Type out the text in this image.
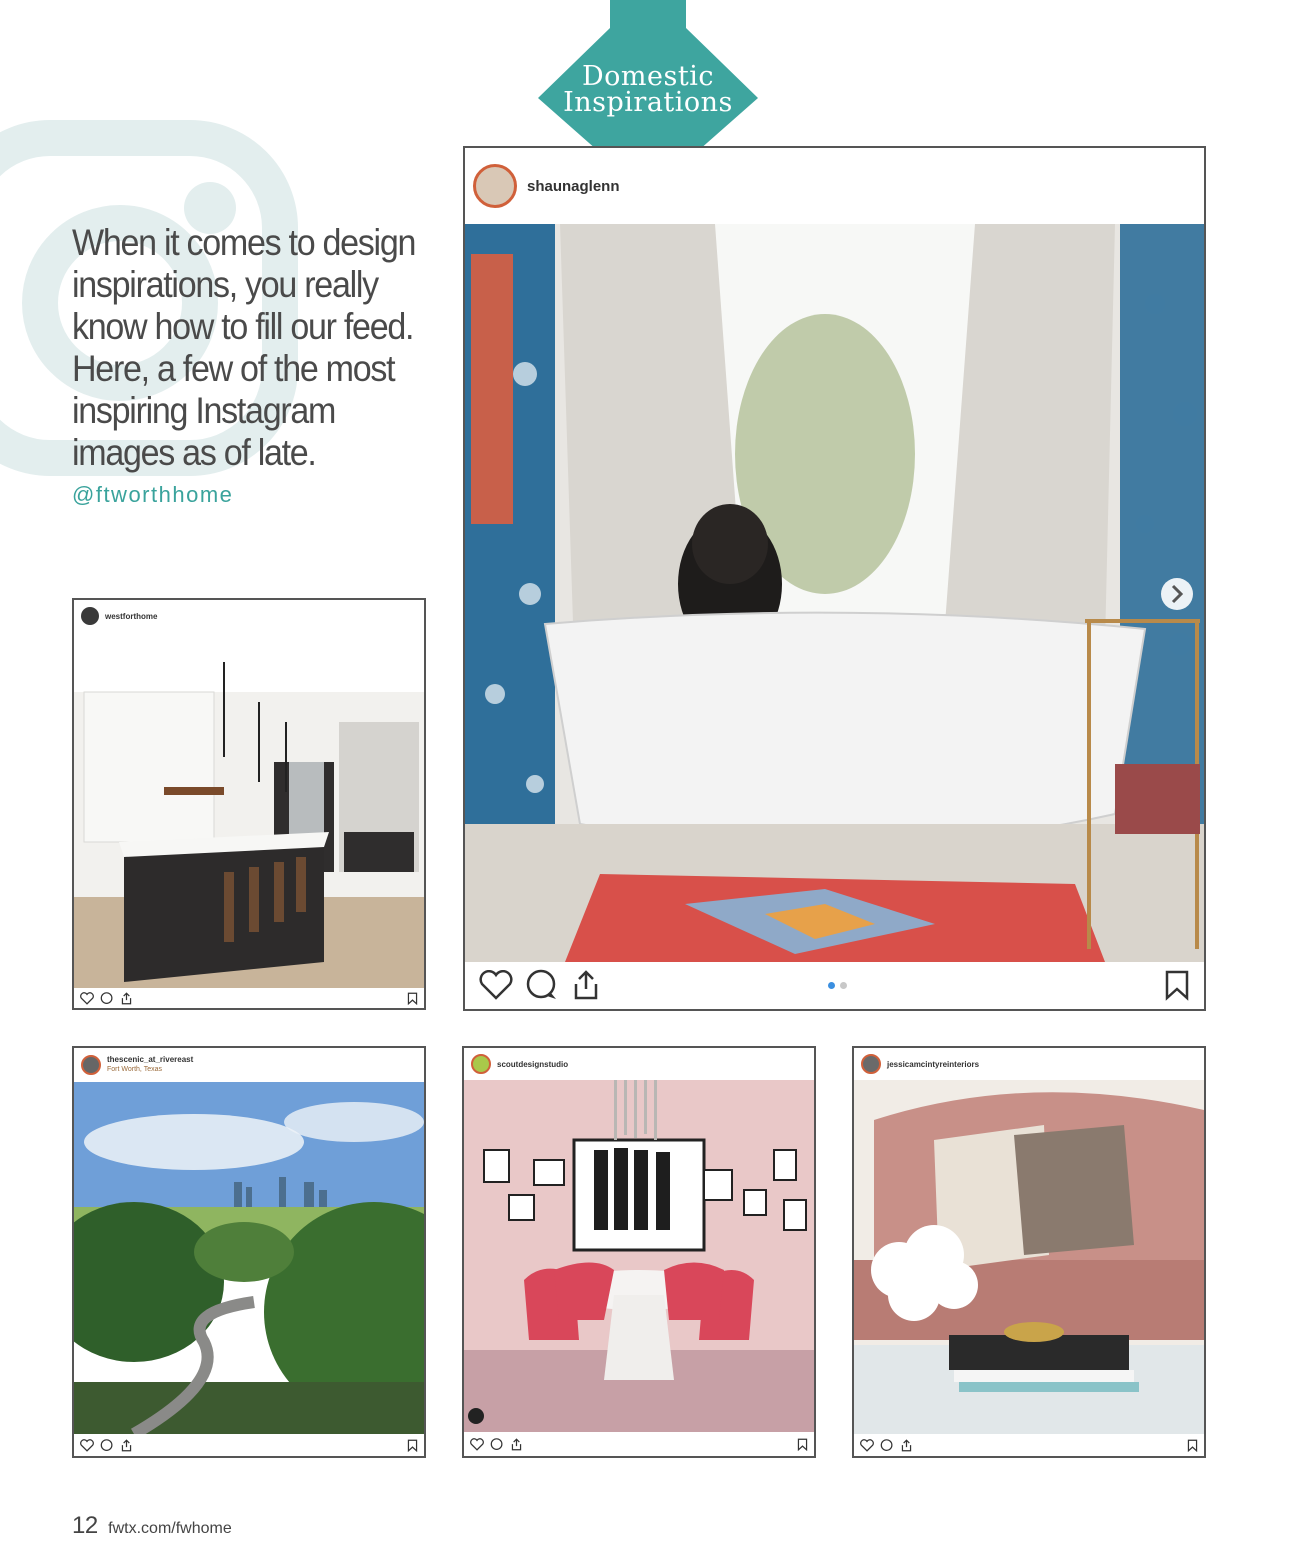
Domestic
Inspirations
When it comes to design inspirations, you really know how to fill our feed. Here, a few of the most inspiring Instagram images as of late.
@ftworthhome
shaunaglenn
westforthome
thescenic_at_rivereast
Fort Worth, Texas
scoutdesignstudio	jessicamcintyreinteriors
12 fwtx.com/fwhome
